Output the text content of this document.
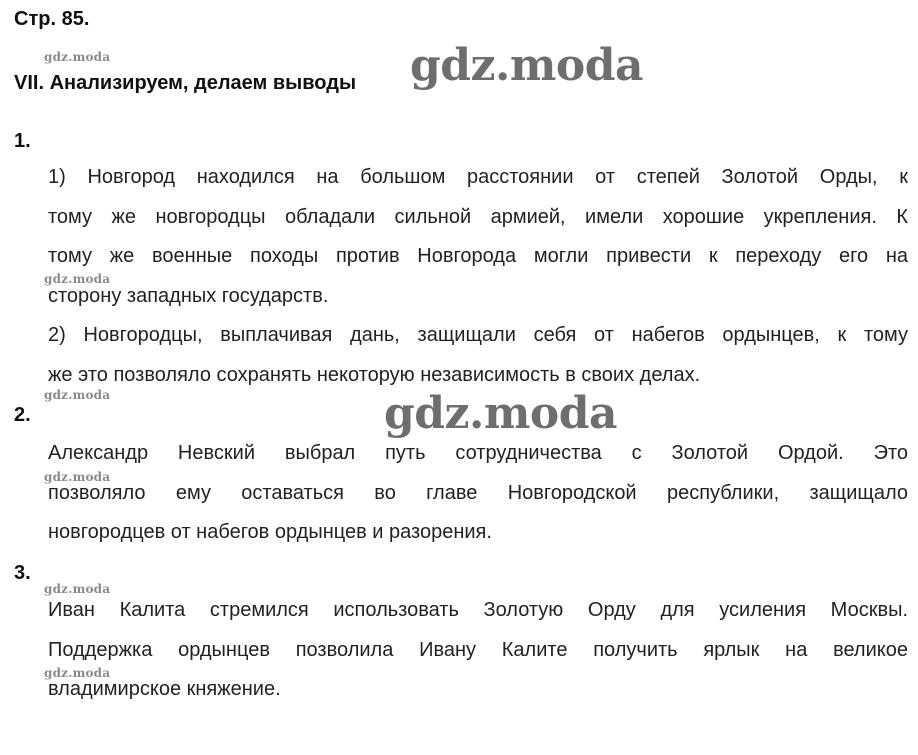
Стр. 85.
gdz.moda
VII. Анализируем, делаем выводы gdz.moda
1.
1) Новгород находился на большом расстоянии от степей Золотой Орды, к
тому же новгородцы обладали сильной армией, имели хорошие укрепления. К
тому же военные походы против Новгорода могли привести к переходу его на
сторону западных государств.
gdz.moda
2) Новгородцы, выплачивая дань, защищали себя от набегов ордынцев, к тому
же это позволяло сохранять некоторую независимость в своих делах.
2.
gdz.moda	gdz.moda
Александр Невский выбрал путь сотрудничества с Золотой Ордой. Это
позволяло ему оставаться во главе Новгородской республики, защищало
новгородцев от набегов ордынцев и разорения.
gdz.moda
3.
gdz.moda
Иван Калита стремился использовать Золотую Орду для усиления Москвы.
Поддержка ордынцев позволила Ивану Калите получить ярлык на великое
владимирское княжение.
gdz.moda
